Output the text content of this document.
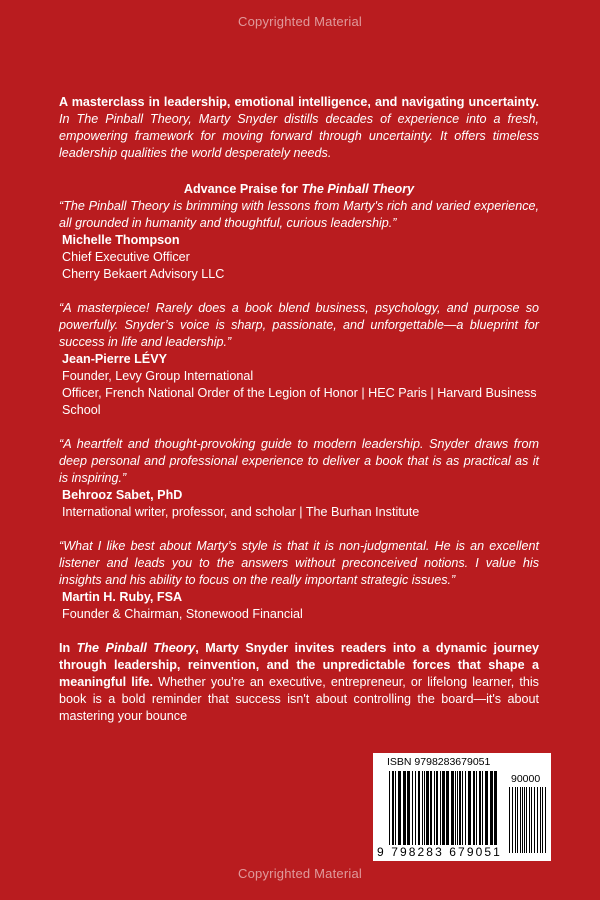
Copyrighted Material

A masterclass in leadership, emotional intelligence, and navigating uncertainty. In The Pinball Theory, Marty Snyder distills decades of experience into a fresh, empowering framework for moving forward through uncertainty. It offers timeless leadership qualities the world desperately needs.

Advance Praise for The Pinball Theory

“The Pinball Theory is brimming with lessons from Marty's rich and varied experience, all grounded in humanity and thoughtful, curious leadership.”

Michelle Thompson

Chief Executive Officer

Cherry Bekaert Advisory LLC

“A masterpiece! Rarely does a book blend business, psychology, and purpose so powerfully. Snyder’s voice is sharp, passionate, and unforgettable—a blueprint for success in life and leadership.”

Jean-Pierre LÉVY

Founder, Levy Group International

Officer, French National Order of the Legion of Honor | HEC Paris | Harvard Business School

“A heartfelt and thought-provoking guide to modern leadership. Snyder draws from deep personal and professional experience to deliver a book that is as practical as it is inspiring.”

Behrooz Sabet, PhD

International writer, professor, and scholar | The Burhan Institute

“What I like best about Marty’s style is that it is non-judgmental. He is an excellent listener and leads you to the answers without preconceived notions. I value his insights and his ability to focus on the really important strategic issues.”

Martin H. Ruby, FSA

Founder & Chairman, Stonewood Financial

In The Pinball Theory, Marty Snyder invites readers into a dynamic journey through leadership, reinvention, and the unpredictable forces that shape a meaningful life. Whether you're an executive, entrepreneur, or lifelong learner, this book is a bold reminder that success isn't about controlling the board—it's about mastering your bounce

ISBN 9798283679051
90000
9 798283 679051
Copyrighted Material
